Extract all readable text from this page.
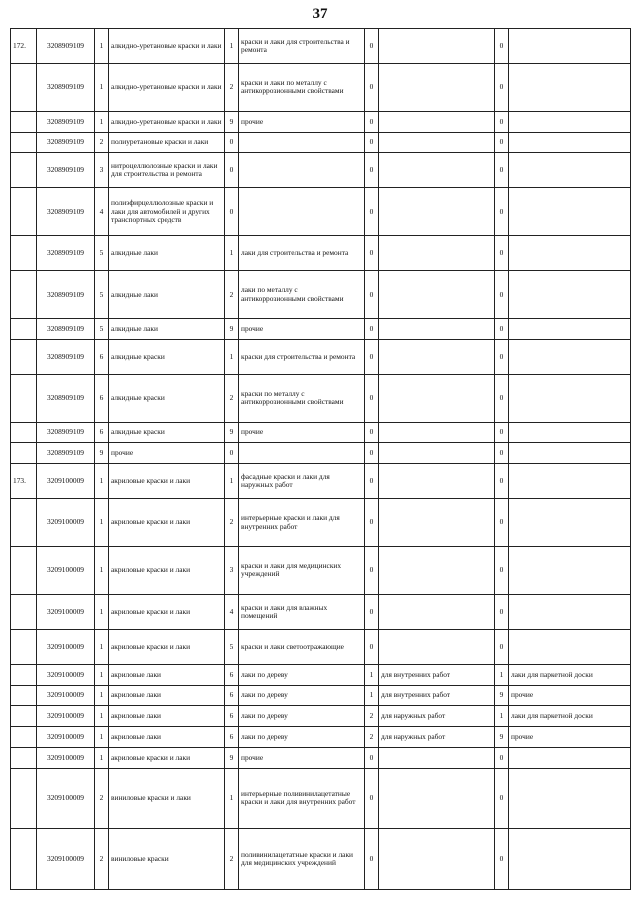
37
172.	3208909109	1	алкидно-уретановые краски и лаки	1	краски и лаки для строительства и ремонта	0		0	
	3208909109	1	алкидно-уретановые краски и лаки	2	краски и лаки по металлу с антикоррозионными свойствами	0		0	
	3208909109	1	алкидно-уретановые краски и лаки	9	прочие	0		0	
	3208909109	2	полиуретановые краски и лаки	0		0		0	
	3208909109	3	нитроцеллюлозные краски и лаки для строительства и ремонта	0		0		0	
	3208909109	4	полиэфирцеллюлозные краски и лаки для автомобилей и других транспортных средств	0		0		0	
	3208909109	5	алкидные лаки	1	лаки для строительства и ремонта	0		0	
	3208909109	5	алкидные лаки	2	лаки по металлу с антикоррозионными свойствами	0		0	
	3208909109	5	алкидные лаки	9	прочие	0		0	
	3208909109	6	алкидные краски	1	краски для строительства и ремонта	0		0	
	3208909109	6	алкидные краски	2	краски по металлу с антикоррозионными свойствами	0		0	
	3208909109	6	алкидные краски	9	прочие	0		0	
	3208909109	9	прочие	0		0		0	
173.	3209100009	1	акриловые краски и лаки	1	фасадные краски и лаки для наружных работ	0		0	
	3209100009	1	акриловые краски и лаки	2	интерьерные краски и лаки для внутренних работ	0		0	
	3209100009	1	акриловые краски и лаки	3	краски и лаки для медицинских учреждений	0		0	
	3209100009	1	акриловые краски и лаки	4	краски и лаки для влажных помещений	0		0	
	3209100009	1	акриловые краски и лаки	5	краски и лаки светоотражающие	0		0	
	3209100009	1	акриловые лаки	6	лаки по дереву	1	для внутренних работ	1	лаки для паркетной доски
	3209100009	1	акриловые лаки	6	лаки по дереву	1	для внутренних работ	9	прочие
	3209100009	1	акриловые лаки	6	лаки по дереву	2	для наружных работ	1	лаки для паркетной доски
	3209100009	1	акриловые лаки	6	лаки по дереву	2	для наружных работ	9	прочие
	3209100009	1	акриловые краски и лаки	9	прочие	0		0	
	3209100009	2	виниловые краски и лаки	1	интерьерные поливинилацетатные краски и лаки для внутренних работ	0		0	
	3209100009	2	виниловые краски	2	поливинилацетатные краски и лаки для медицинских учреждений	0		0	
